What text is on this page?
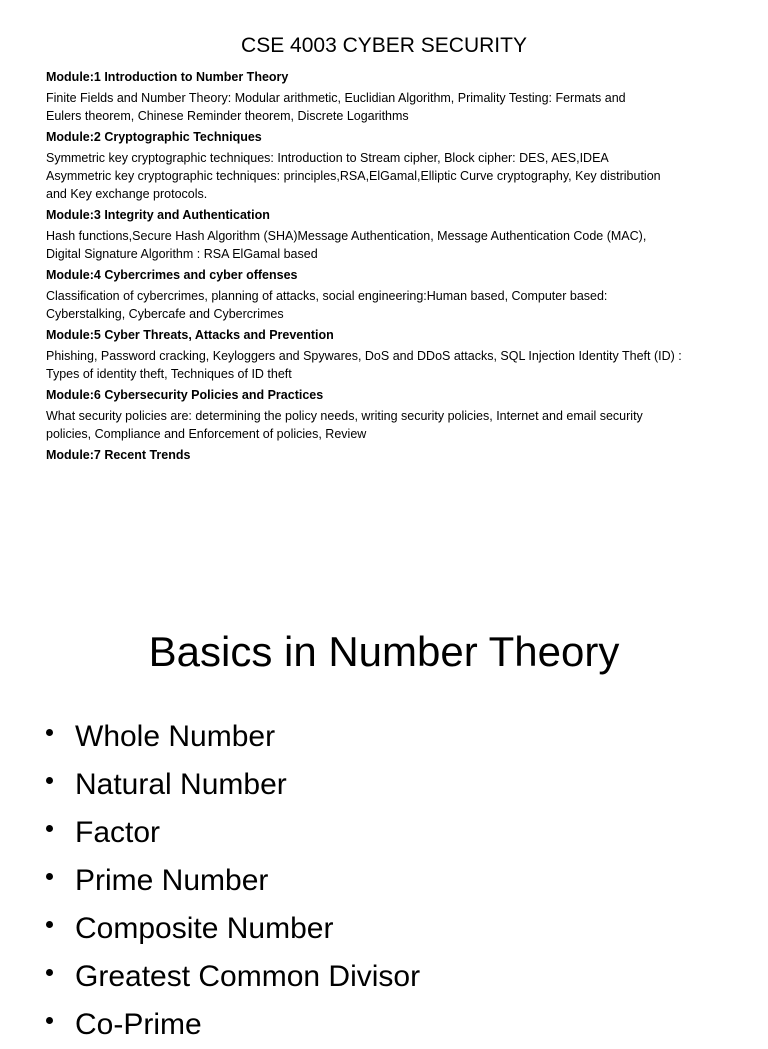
CSE 4003 CYBER SECURITY
Module:1 Introduction to Number Theory
Finite Fields and Number Theory: Modular arithmetic, Euclidian Algorithm, Primality Testing: Fermats and
Eulers theorem, Chinese Reminder theorem, Discrete Logarithms
Module:2 Cryptographic Techniques
Symmetric key cryptographic techniques: Introduction to Stream cipher, Block cipher: DES, AES,IDEA
Asymmetric key cryptographic techniques: principles,RSA,ElGamal,Elliptic Curve cryptography, Key distribution
and Key exchange protocols.
Module:3 Integrity and Authentication
Hash functions,Secure Hash Algorithm (SHA)Message Authentication, Message Authentication Code (MAC),
Digital Signature Algorithm : RSA ElGamal based
Module:4 Cybercrimes and cyber offenses
Classification of cybercrimes, planning of attacks, social engineering:Human based, Computer based:
Cyberstalking, Cybercafe and Cybercrimes
Module:5 Cyber Threats, Attacks and Prevention
Phishing, Password cracking, Keyloggers and Spywares, DoS and DDoS attacks, SQL Injection Identity Theft (ID) :
Types of identity theft, Techniques of ID theft
Module:6 Cybersecurity Policies and Practices
What security policies are: determining the policy needs, writing security policies, Internet and email security
policies, Compliance and Enforcement of policies, Review
Module:7 Recent Trends
Basics in Number Theory
Whole Number
Natural Number
Factor
Prime Number
Composite Number
Greatest Common Divisor
Co-Prime
